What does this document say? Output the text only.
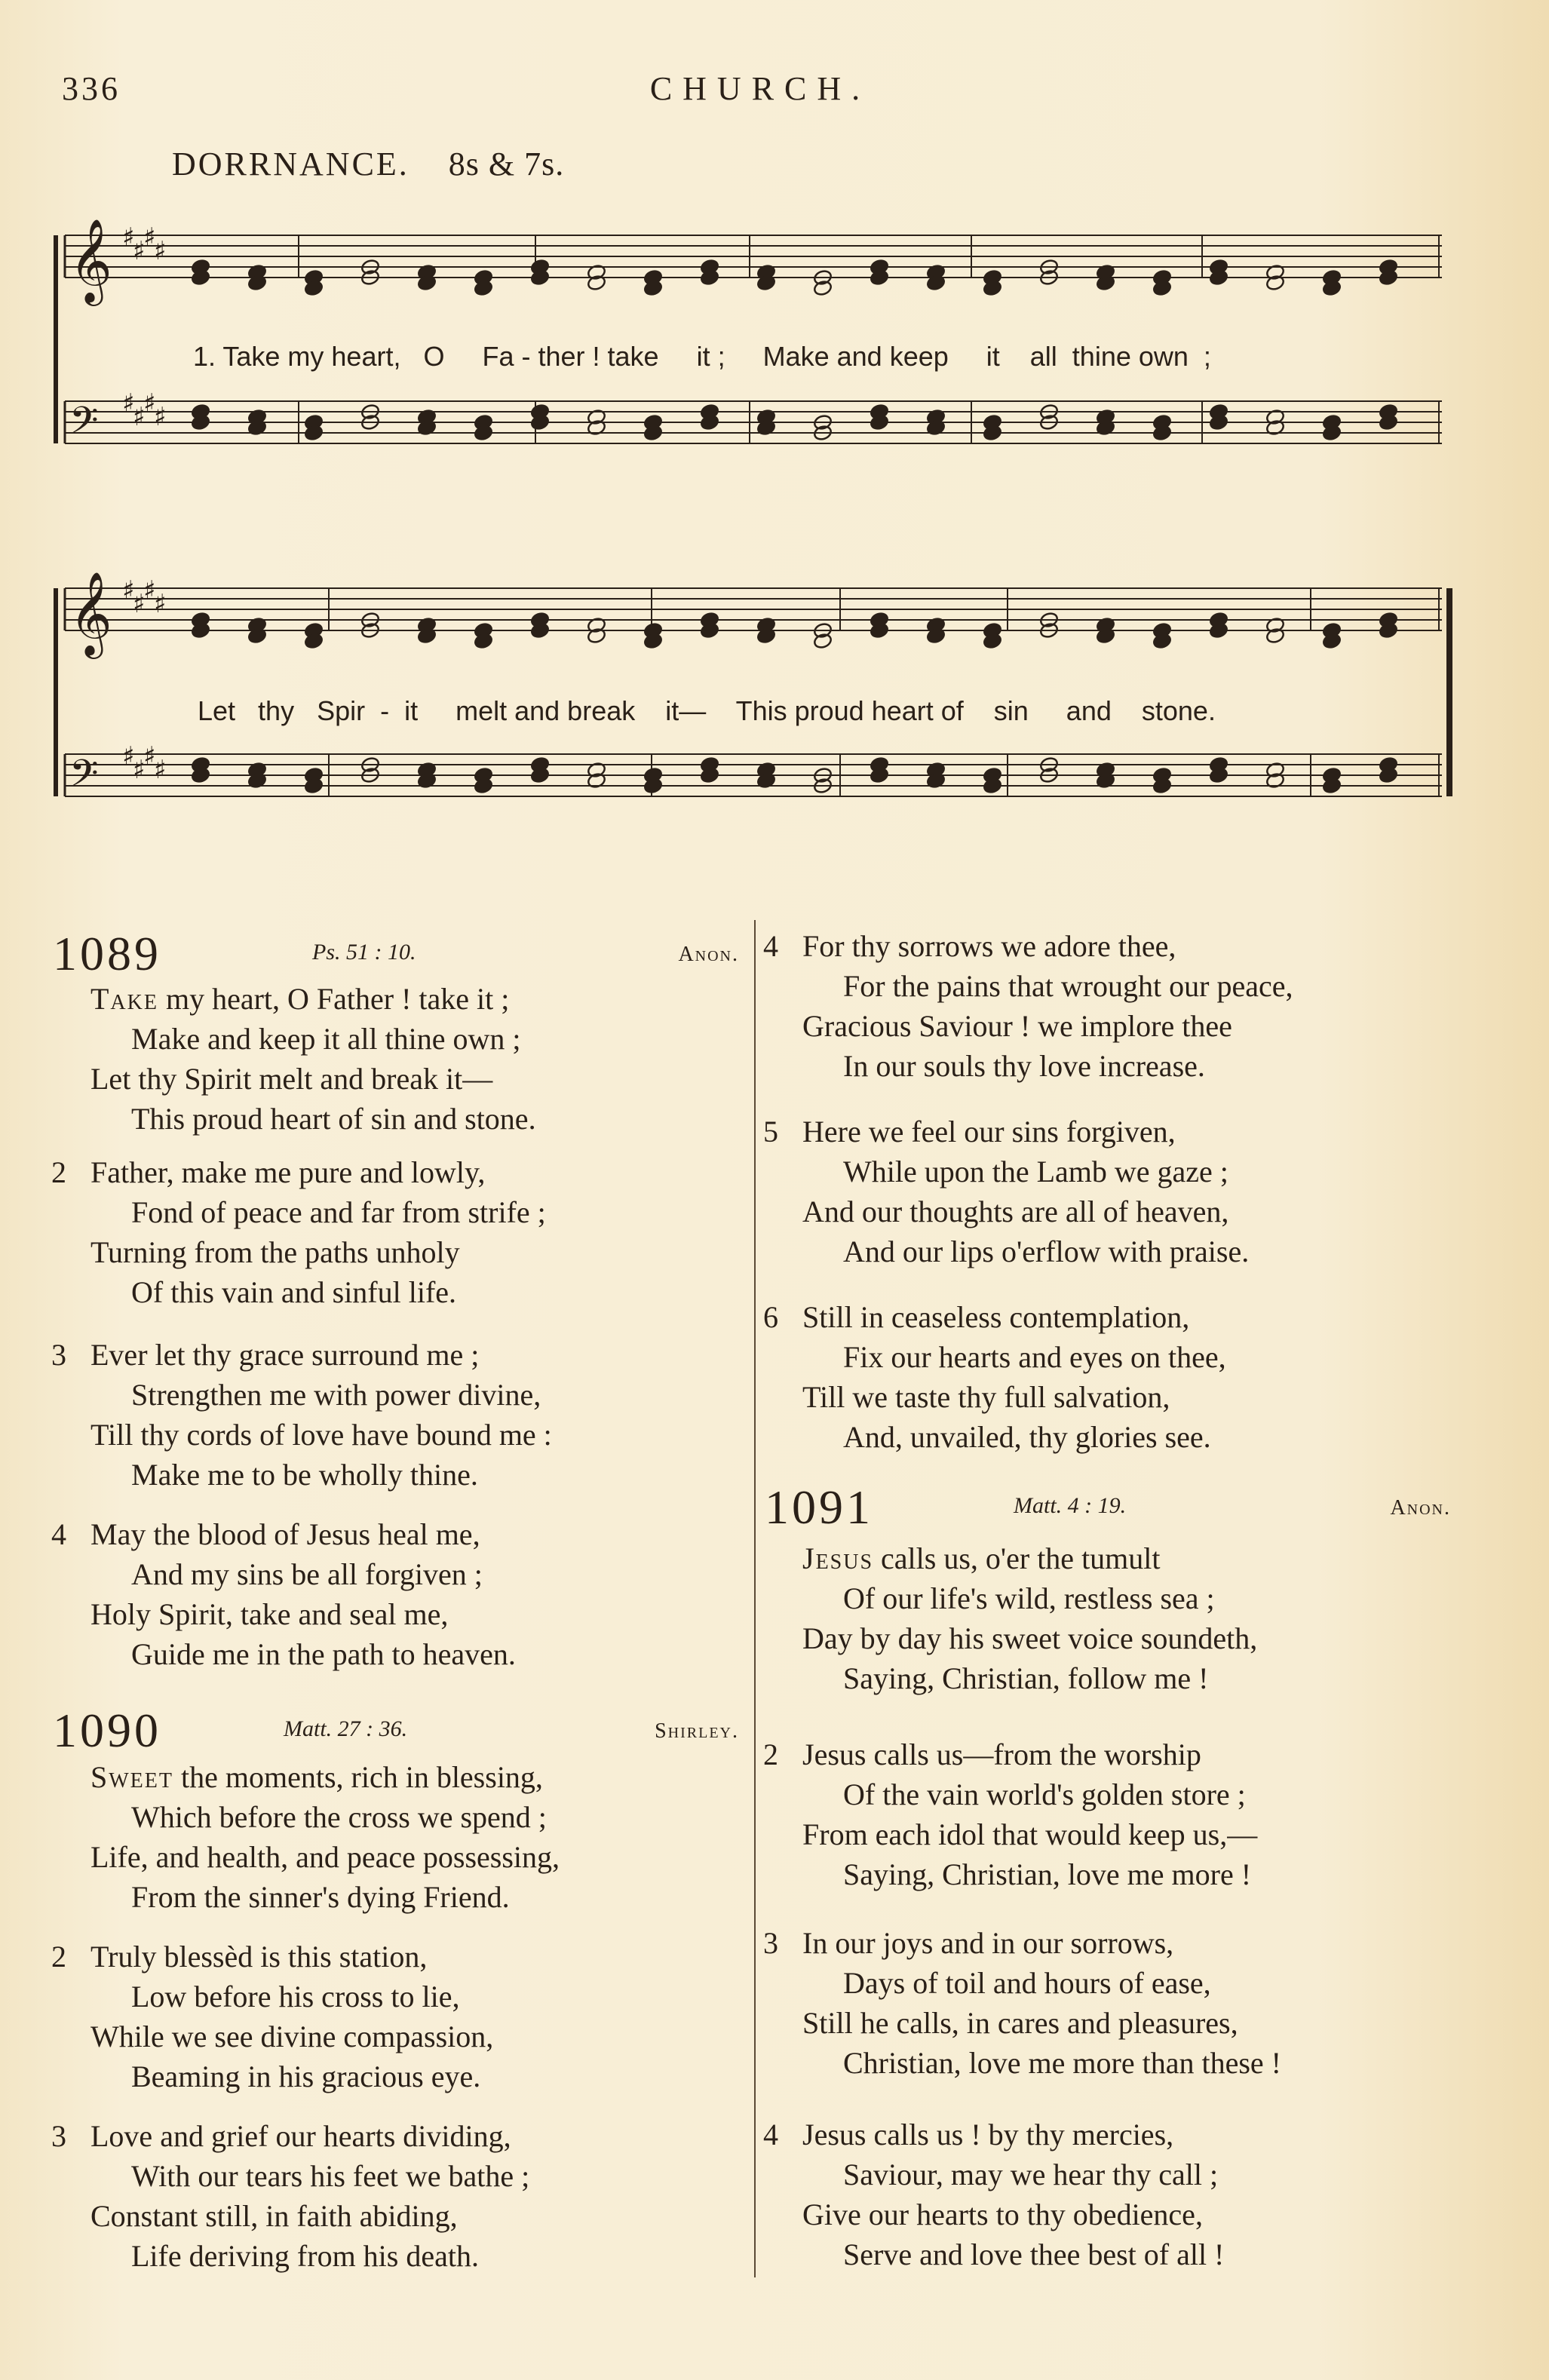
336	CHURCH.
DORRNANCE. 8s & 7s.
𝄞 ♯
♯
♯
♯
𝄢 ♯
♯
♯
♯
𝄞 ♯
♯
♯
♯
𝄢 ♯
♯
♯
♯
1. Take my heart,   O     Fa - ther ! take     it ;     Make and keep     it    all  thine own  ;
Let   thy   Spir  -  it     melt and break    it—    This proud heart of    sin     and    stone.
1089	Ps. 51 : 10.	Anon.
Take my heart, O Father ! take it ;
Make and keep it all thine own ;
Let thy Spirit melt and break it—
This proud heart of sin and stone.
2 Father, make me pure and lowly,
Fond of peace and far from strife ;
Turning from the paths unholy
Of this vain and sinful life.
3 Ever let thy grace surround me ;
Strengthen me with power divine,
Till thy cords of love have bound me :
Make me to be wholly thine.
4 May the blood of Jesus heal me,
And my sins be all forgiven ;
Holy Spirit, take and seal me,
Guide me in the path to heaven.
1090	Matt. 27 : 36.	Shirley.
Sweet the moments, rich in blessing,
Which before the cross we spend ;
Life, and health, and peace possessing,
From the sinner's dying Friend.
2 Truly blessèd is this station,
Low before his cross to lie,
While we see divine compassion,
Beaming in his gracious eye.
3 Love and grief our hearts dividing,
With our tears his feet we bathe ;
Constant still, in faith abiding,
Life deriving from his death.
4 For thy sorrows we adore thee,
For the pains that wrought our peace,
Gracious Saviour ! we implore thee
In our souls thy love increase.
5 Here we feel our sins forgiven,
While upon the Lamb we gaze ;
And our thoughts are all of heaven,
And our lips o'erflow with praise.
6 Still in ceaseless contemplation,
Fix our hearts and eyes on thee,
Till we taste thy full salvation,
And, unvailed, thy glories see.
1091	Matt. 4 : 19.	Anon.
Jesus calls us, o'er the tumult
Of our life's wild, restless sea ;
Day by day his sweet voice soundeth,
Saying, Christian, follow me !
2 Jesus calls us—from the worship
Of the vain world's golden store ;
From each idol that would keep us,—
Saying, Christian, love me more !
3 In our joys and in our sorrows,
Days of toil and hours of ease,
Still he calls, in cares and pleasures,
Christian, love me more than these !
4 Jesus calls us ! by thy mercies,
Saviour, may we hear thy call ;
Give our hearts to thy obedience,
Serve and love thee best of all !
